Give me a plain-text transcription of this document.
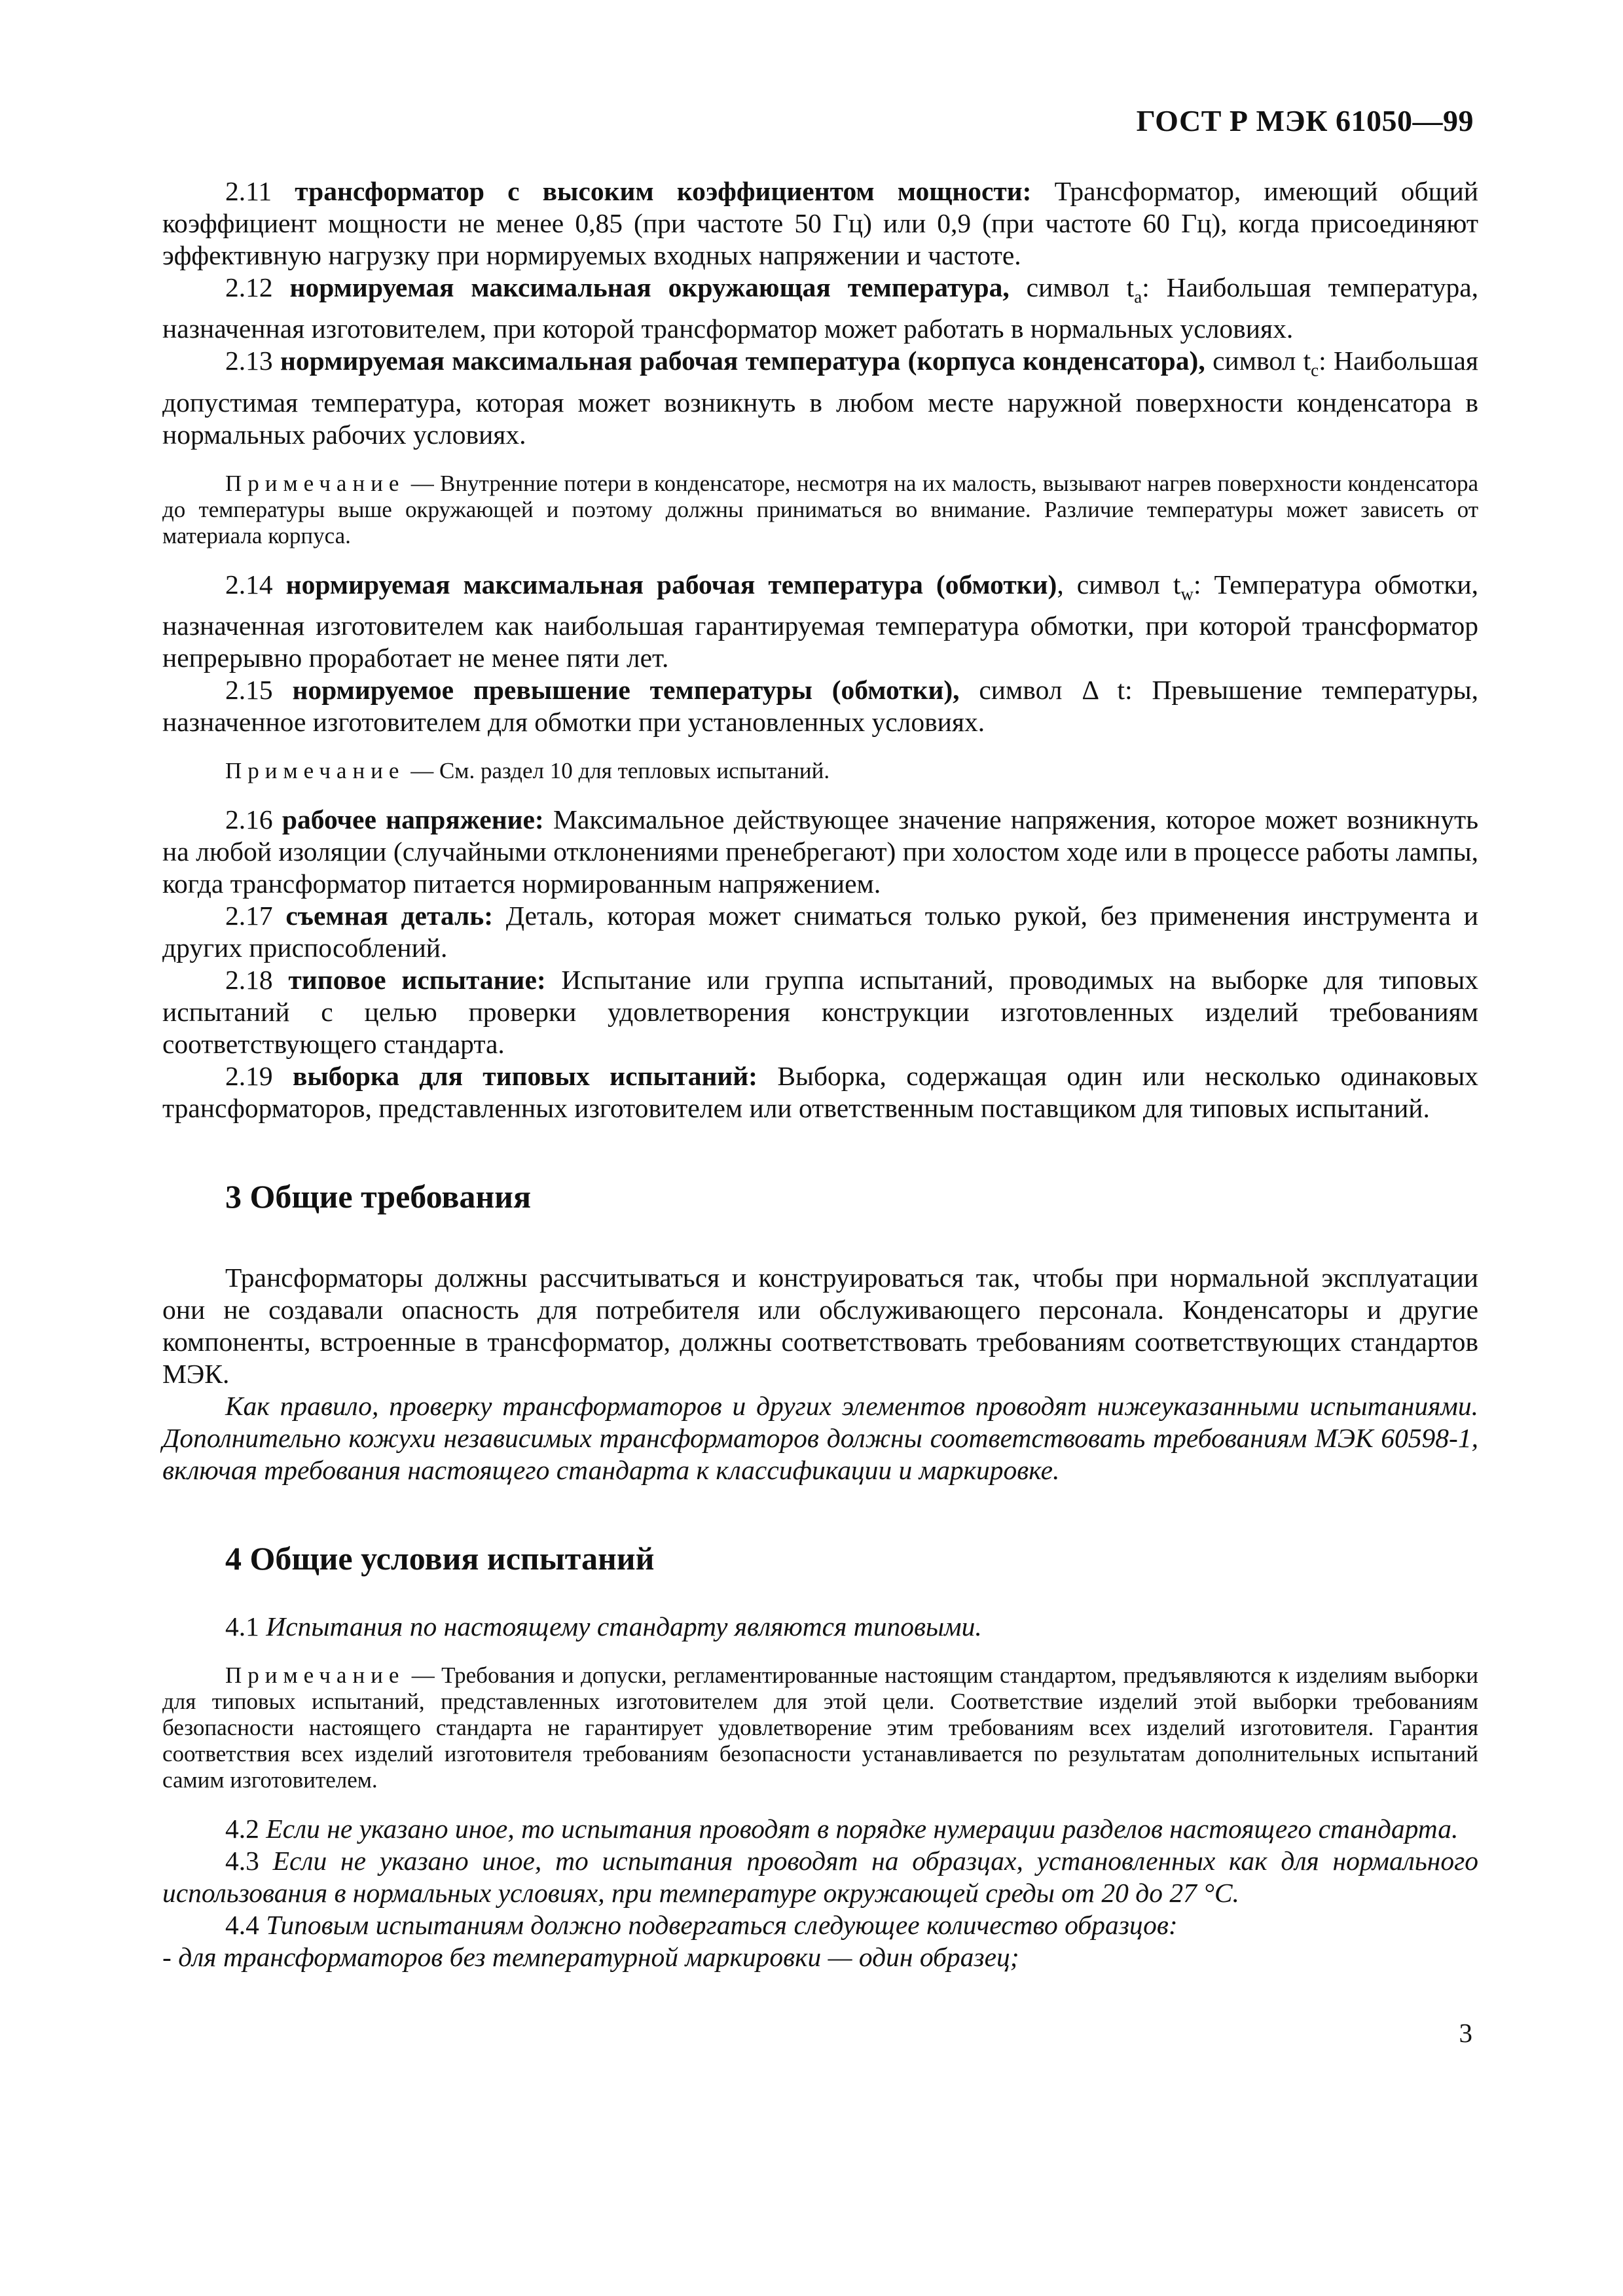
ГОСТ Р МЭК 61050—99

2.11 трансформатор с высоким коэффициентом мощности: Трансформатор, имеющий общий коэффициент мощности не менее 0,85 (при частоте 50 Гц) или 0,9 (при частоте 60 Гц), когда присоединяют эффективную нагрузку при нормируемых входных напряжении и частоте.

2.12 нормируемая максимальная окружающая температура, символ $t_a$: Наибольшая температура, назначенная изготовителем, при которой трансформатор может работать в нормальных условиях.

2.13 нормируемая максимальная рабочая температура (корпуса конденсатора), символ $t_c$: Наибольшая допустимая температура, которая может возникнуть в любом месте наружной поверхности конденсатора в нормальных рабочих условиях.

Примечание — Внутренние потери в конденсаторе, несмотря на их малость, вызывают нагрев поверхности конденсатора до температуры выше окружающей и поэтому должны приниматься во внимание. Различие температуры может зависеть от материала корпуса.

2.14 нормируемая максимальная рабочая температура (обмотки), символ $t_w$: Температура обмотки, назначенная изготовителем как наибольшая гарантируемая температура обмотки, при которой трансформатор непрерывно проработает не менее пяти лет.

2.15 нормируемое превышение температуры (обмотки), символ Δ t: Превышение температуры, назначенное изготовителем для обмотки при установленных условиях.

Примечание — См. раздел 10 для тепловых испытаний.

2.16 рабочее напряжение: Максимальное действующее значение напряжения, которое может возникнуть на любой изоляции (случайными отклонениями пренебрегают) при холостом ходе или в процессе работы лампы, когда трансформатор питается нормированным напряжением.

2.17 съемная деталь: Деталь, которая может сниматься только рукой, без применения инструмента и других приспособлений.

2.18 типовое испытание: Испытание или группа испытаний, проводимых на выборке для типовых испытаний с целью проверки удовлетворения конструкции изготовленных изделий требованиям соответствующего стандарта.

2.19 выборка для типовых испытаний: Выборка, содержащая один или несколько одинаковых трансформаторов, представленных изготовителем или ответственным поставщиком для типовых испытаний.

3 Общие требования

Трансформаторы должны рассчитываться и конструироваться так, чтобы при нормальной эксплуатации они не создавали опасность для потребителя или обслуживающего персонала. Конденсаторы и другие компоненты, встроенные в трансформатор, должны соответствовать требованиям соответствующих стандартов МЭК.

Как правило, проверку трансформаторов и других элементов проводят нижеуказанными испытаниями. Дополнительно кожухи независимых трансформаторов должны соответствовать требованиям МЭК 60598-1, включая требования настоящего стандарта к классификации и маркировке.

4 Общие условия испытаний

4.1 Испытания по настоящему стандарту являются типовыми.

Примечание — Требования и допуски, регламентированные настоящим стандартом, предъявляются к изделиям выборки для типовых испытаний, представленных изготовителем для этой цели. Соответствие изделий этой выборки требованиям безопасности настоящего стандарта не гарантирует удовлетворение этим требованиям всех изделий изготовителя. Гарантия соответствия всех изделий изготовителя требованиям безопасности устанавливается по результатам дополнительных испытаний самим изготовителем.

4.2 Если не указано иное, то испытания проводят в порядке нумерации разделов настоящего стандарта.

4.3 Если не указано иное, то испытания проводят на образцах, установленных как для нормального использования в нормальных условиях, при температуре окружающей среды от 20 до 27 °С.

4.4 Типовым испытаниям должно подвергаться следующее количество образцов:

- для трансформаторов без температурной маркировки — один образец;

3
